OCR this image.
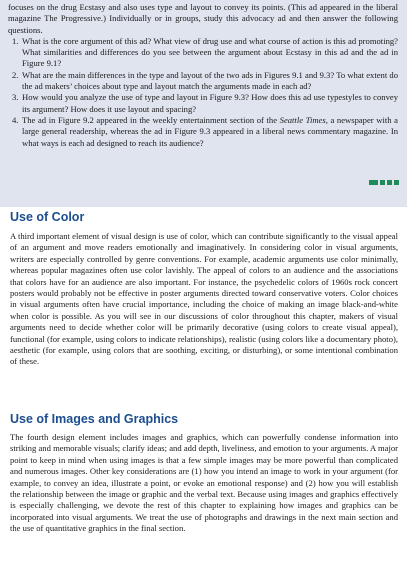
focuses on the drug Ecstasy and also uses type and layout to convey its points. (This ad appeared in the liberal magazine The Progressive.) Individually or in groups, study this advocacy ad and then answer the following questions.

1. What is the core argument of this ad? What view of drug use and what course of action is this ad promoting? What similarities and differences do you see between the argument about Ecstasy in this ad and the ad in Figure 9.1?
2. What are the main differences in the type and layout of the two ads in Figures 9.1 and 9.3? To what extent do the ad makers’ choices about type and layout match the arguments made in each ad?
3. How would you analyze the use of type and layout in Figure 9.3? How does this ad use typestyles to convey its argument? How does it use layout and spacing?
4. The ad in Figure 9.2 appeared in the weekly entertainment section of the Seattle Times, a newspaper with a large general readership, whereas the ad in Figure 9.3 appeared in a liberal news commentary magazine. In what ways is each ad designed to reach its audience?
Use of Color

A third important element of visual design is use of color, which can contribute significantly to the visual appeal of an argument and move readers emotionally and imaginatively. In considering color in visual arguments, writers are especially controlled by genre conventions. For example, academic arguments use color minimally, whereas popular magazines often use color lavishly. The appeal of colors to an audience and the associations that colors have for an audience are also important. For instance, the psychedelic colors of 1960s rock concert posters would probably not be effective in poster arguments directed toward conservative voters. Color choices in visual arguments often have crucial importance, including the choice of making an image black-and-white when color is possible. As you will see in our discussions of color throughout this chapter, makers of visual arguments need to decide whether color will be primarily decorative (using colors to create visual appeal), functional (for example, using colors to indicate relationships), realistic (using colors like a documentary photo), aesthetic (for example, using colors that are soothing, exciting, or disturbing), or some intentional combination of these.

Use of Images and Graphics

The fourth design element includes images and graphics, which can powerfully condense information into striking and memorable visuals; clarify ideas; and add depth, liveliness, and emotion to your arguments. A major point to keep in mind when using images is that a few simple images may be more powerful than complicated and numerous images. Other key considerations are (1) how you intend an image to work in your argument (for example, to convey an idea, illustrate a point, or evoke an emotional response) and (2) how you will establish the relationship between the image or graphic and the verbal text. Because using images and graphics effectively is especially challenging, we devote the rest of this chapter to explaining how images and graphics can be incorporated into visual arguments. We treat the use of photographs and drawings in the next main section and the use of quantitative graphics in the final section.
